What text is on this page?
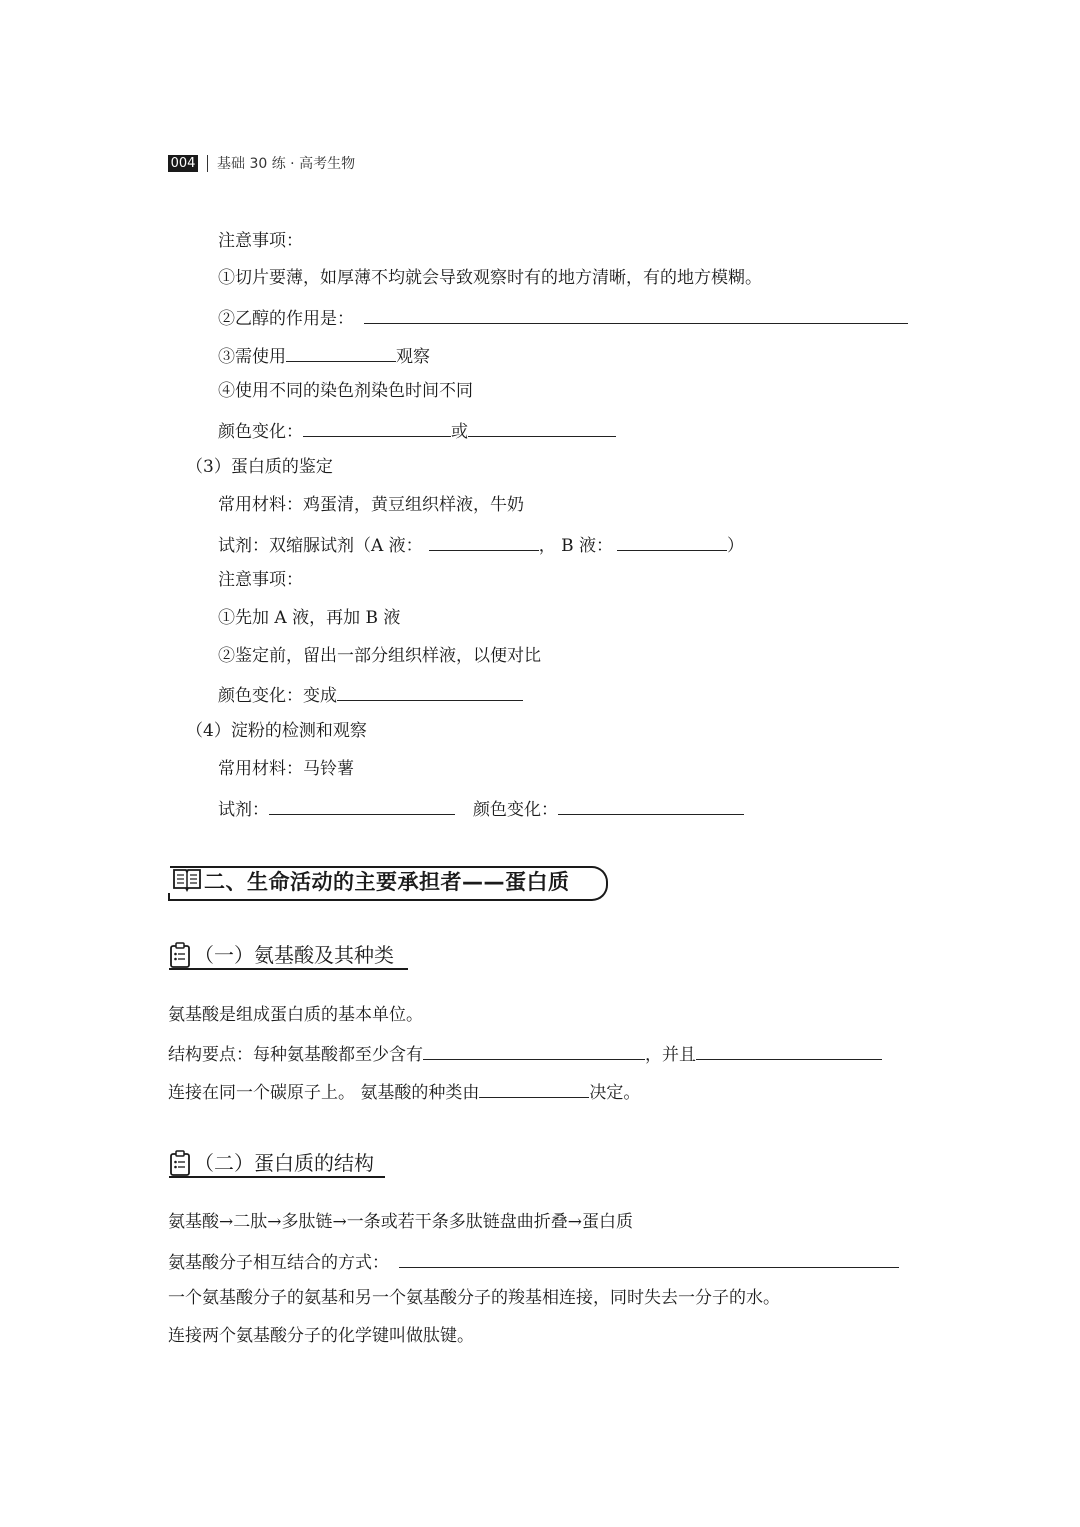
004 基础 30 练 · 高考生物
注意事项：
①切片要薄，如厚薄不均就会导致观察时有的地方清晰，有的地方模糊。
②乙醇的作用是：
③需使用	观察
④使用不同的染色剂染色时间不同
颜色变化：	或
（3）蛋白质的鉴定
常用材料：鸡蛋清，黄豆组织样液，牛奶
试剂：双缩脲试剂（A 液：	， B 液：	）
注意事项：
①先加 A 液，再加 B 液
②鉴定前，留出一部分组织样液，以便对比
颜色变化：变成
（4）淀粉的检测和观察
常用材料：马铃薯
试剂：	颜色变化：
二、生命活动的主要承担者——蛋白质
（一）氨基酸及其种类
氨基酸是组成蛋白质的基本单位。
结构要点：每种氨基酸都至少含有	，并且
连接在同一个碳原子上。 氨基酸的种类由	决定。
（二）蛋白质的结构
氨基酸→二肽→多肽链→一条或若干条多肽链盘曲折叠→蛋白质
氨基酸分子相互结合的方式：
一个氨基酸分子的氨基和另一个氨基酸分子的羧基相连接，同时失去一分子的水。
连接两个氨基酸分子的化学键叫做肽键。
